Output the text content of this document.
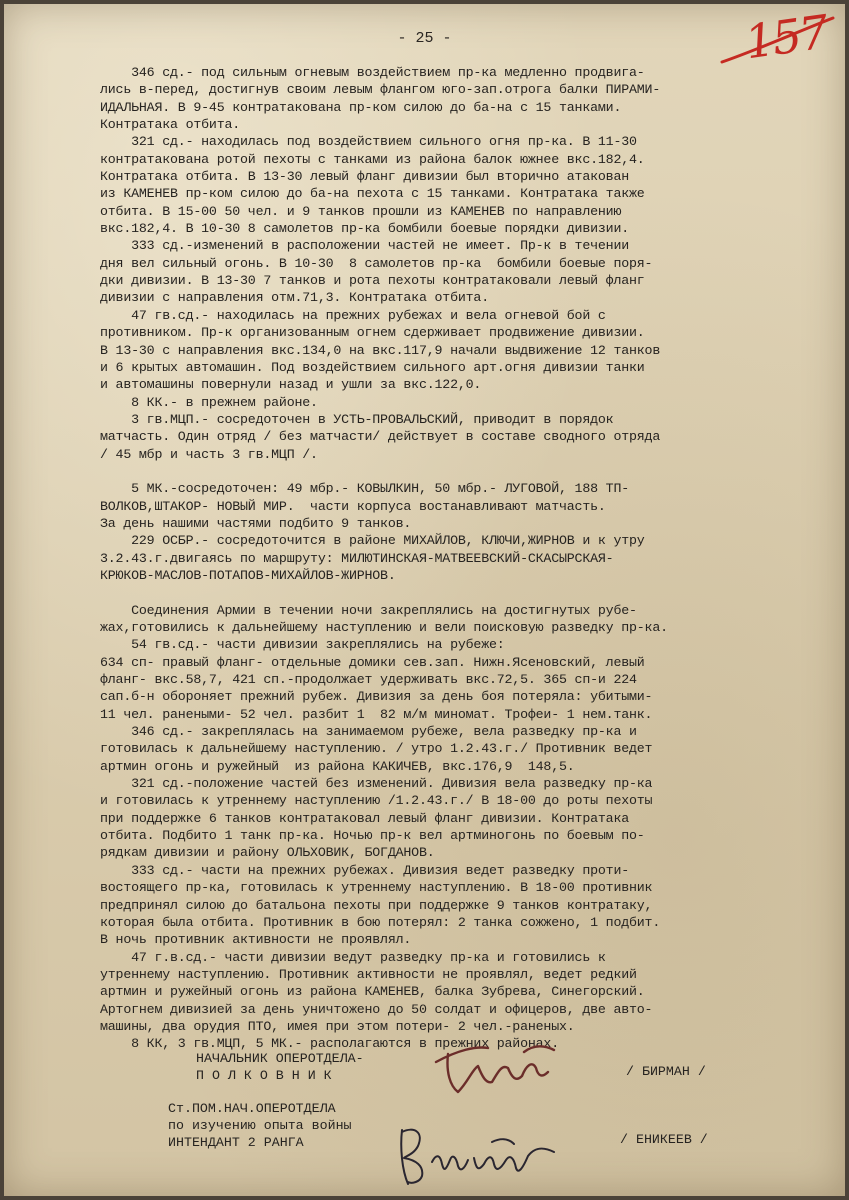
- 25 -	157
346 сд.- под сильным огневым воздействием пр-ка медленно продвига-
лись в-перед, достигнув своим левым флангом юго-зап.отрога балки ПИРАМИ-
ИДАЛЬНАЯ. В 9-45 контратакована пр-ком силою до ба-на с 15 танками.
Контратака отбита.
321 сд.- находилась под воздействием сильного огня пр-ка. В 11-30
контратакована ротой пехоты с танками из района балок южнее вкс.182,4.
Контратака отбита. В 13-30 левый фланг дивизии был вторично атакован
из КАМЕНЕВ пр-ком силою до ба-на пехота с 15 танками. Контратака также
отбита. В 15-00 50 чел. и 9 танков прошли из КАМЕНЕВ по направлению
вкс.182,4. В 10-30 8 самолетов пр-ка бомбили боевые порядки дивизии.
333 сд.-изменений в расположении частей не имеет. Пр-к в течении
дня вел сильный огонь. В 10-30  8 самолетов пр-ка  бомбили боевые поря-
дки дивизии. В 13-30 7 танков и рота пехоты контратаковали левый фланг
дивизии с направления отм.71,3. Контратака отбита.
47 гв.сд.- находилась на прежних рубежах и вела огневой бой с
противником. Пр-к организованным огнем сдерживает продвижение дивизии.
В 13-30 с направления вкс.134,0 на вкс.117,9 начали выдвижение 12 танков
и 6 крытых автомашин. Под воздействием сильного арт.огня дивизии танки
и автомашины повернули назад и ушли за вкс.122,0.
8 КК.- в прежнем районе.
3 гв.МЦП.- сосредоточен в УСТЬ-ПРОВАЛЬСКИЙ, приводит в порядок
матчасть. Один отряд / без матчасти/ действует в составе сводного отряда
/ 45 мбр и часть 3 гв.МЦП /.
5 МК.-сосредоточен: 49 мбр.- КОВЫЛКИН, 50 мбр.- ЛУГОВОЙ, 188 ТП-
ВОЛКОВ,ШТАКОР- НОВЫЙ МИР.  части корпуса востанавливают матчасть.
За день нашими частями подбито 9 танков.
229 ОСБР.- сосредоточится в районе МИХАЙЛОВ, КЛЮЧИ,ЖИРНОВ и к утру
3.2.43.г.двигаясь по маршруту: МИЛЮТИНСКАЯ-МАТВЕЕВСКИЙ-СКАСЫРСКАЯ-
КРЮКОВ-МАСЛОВ-ПОТАПОВ-МИХАЙЛОВ-ЖИРНОВ.
Соединения Армии в течении ночи закреплялись на достигнутых рубе-
жах,готовились к дальнейшему наступлению и вели поисковую разведку пр-ка.
54 гв.сд.- части дивизии закреплялись на рубеже:
634 сп- правый фланг- отдельные домики сев.зап. Нижн.Ясеновский, левый
фланг- вкс.58,7, 421 сп.-продолжает удерживать вкс.72,5. 365 сп-и 224
сап.б-н обороняет прежний рубеж. Дивизия за день боя потеряла: убитыми-
11 чел. ранеными- 52 чел. разбит 1  82 м/м миномат. Трофеи- 1 нем.танк.
346 сд.- закреплялась на занимаемом рубеже, вела разведку пр-ка и
готовилась к дальнейшему наступлению. / утро 1.2.43.г./ Противник ведет
артмин огонь и ружейный  из района КАКИЧЕВ, вкс.176,9  148,5.
321 сд.-положение частей без изменений. Дивизия вела разведку пр-ка
и готовилась к утреннему наступлению /1.2.43.г./ В 18-00 до роты пехоты
при поддержке 6 танков контратаковал левый фланг дивизии. Контратака
отбита. Подбито 1 танк пр-ка. Ночью пр-к вел артминогонь по боевым по-
рядкам дивизии и району ОЛЬХОВИК, БОГДАНОВ.
333 сд.- части на прежних рубежах. Дивизия ведет разведку проти-
востоящего пр-ка, готовилась к утреннему наступлению. В 18-00 противник
предпринял силою до батальона пехоты при поддержке 9 танков контратаку,
которая была отбита. Противник в бою потерял: 2 танка сожжено, 1 подбит.
В ночь противник активности не проявлял.
47 г.в.сд.- части дивизии ведут разведку пр-ка и готовились к
утреннему наступлению. Противник активности не проявлял, ведет редкий
артмин и ружейный огонь из района КАМЕНЕВ, балка Зубрева, Синегорский.
Артогнем дивизией за день уничтожено до 50 солдат и офицеров, две авто-
машины, два орудия ПТО, имея при этом потери- 2 чел.-раненых.
8 КК, 3 гв.МЦП, 5 МК.- располагаются в прежних районах.
НАЧАЛЬНИК ОПЕРОТДЕЛА-
П О Л К О В Н И К	/ БИРМАН /
Ст.ПОМ.НАЧ.ОПЕРОТДЕЛА
по изучению опыта войны
ИНТЕНДАНТ 2 РАНГА	/ ЕНИКЕЕВ /
